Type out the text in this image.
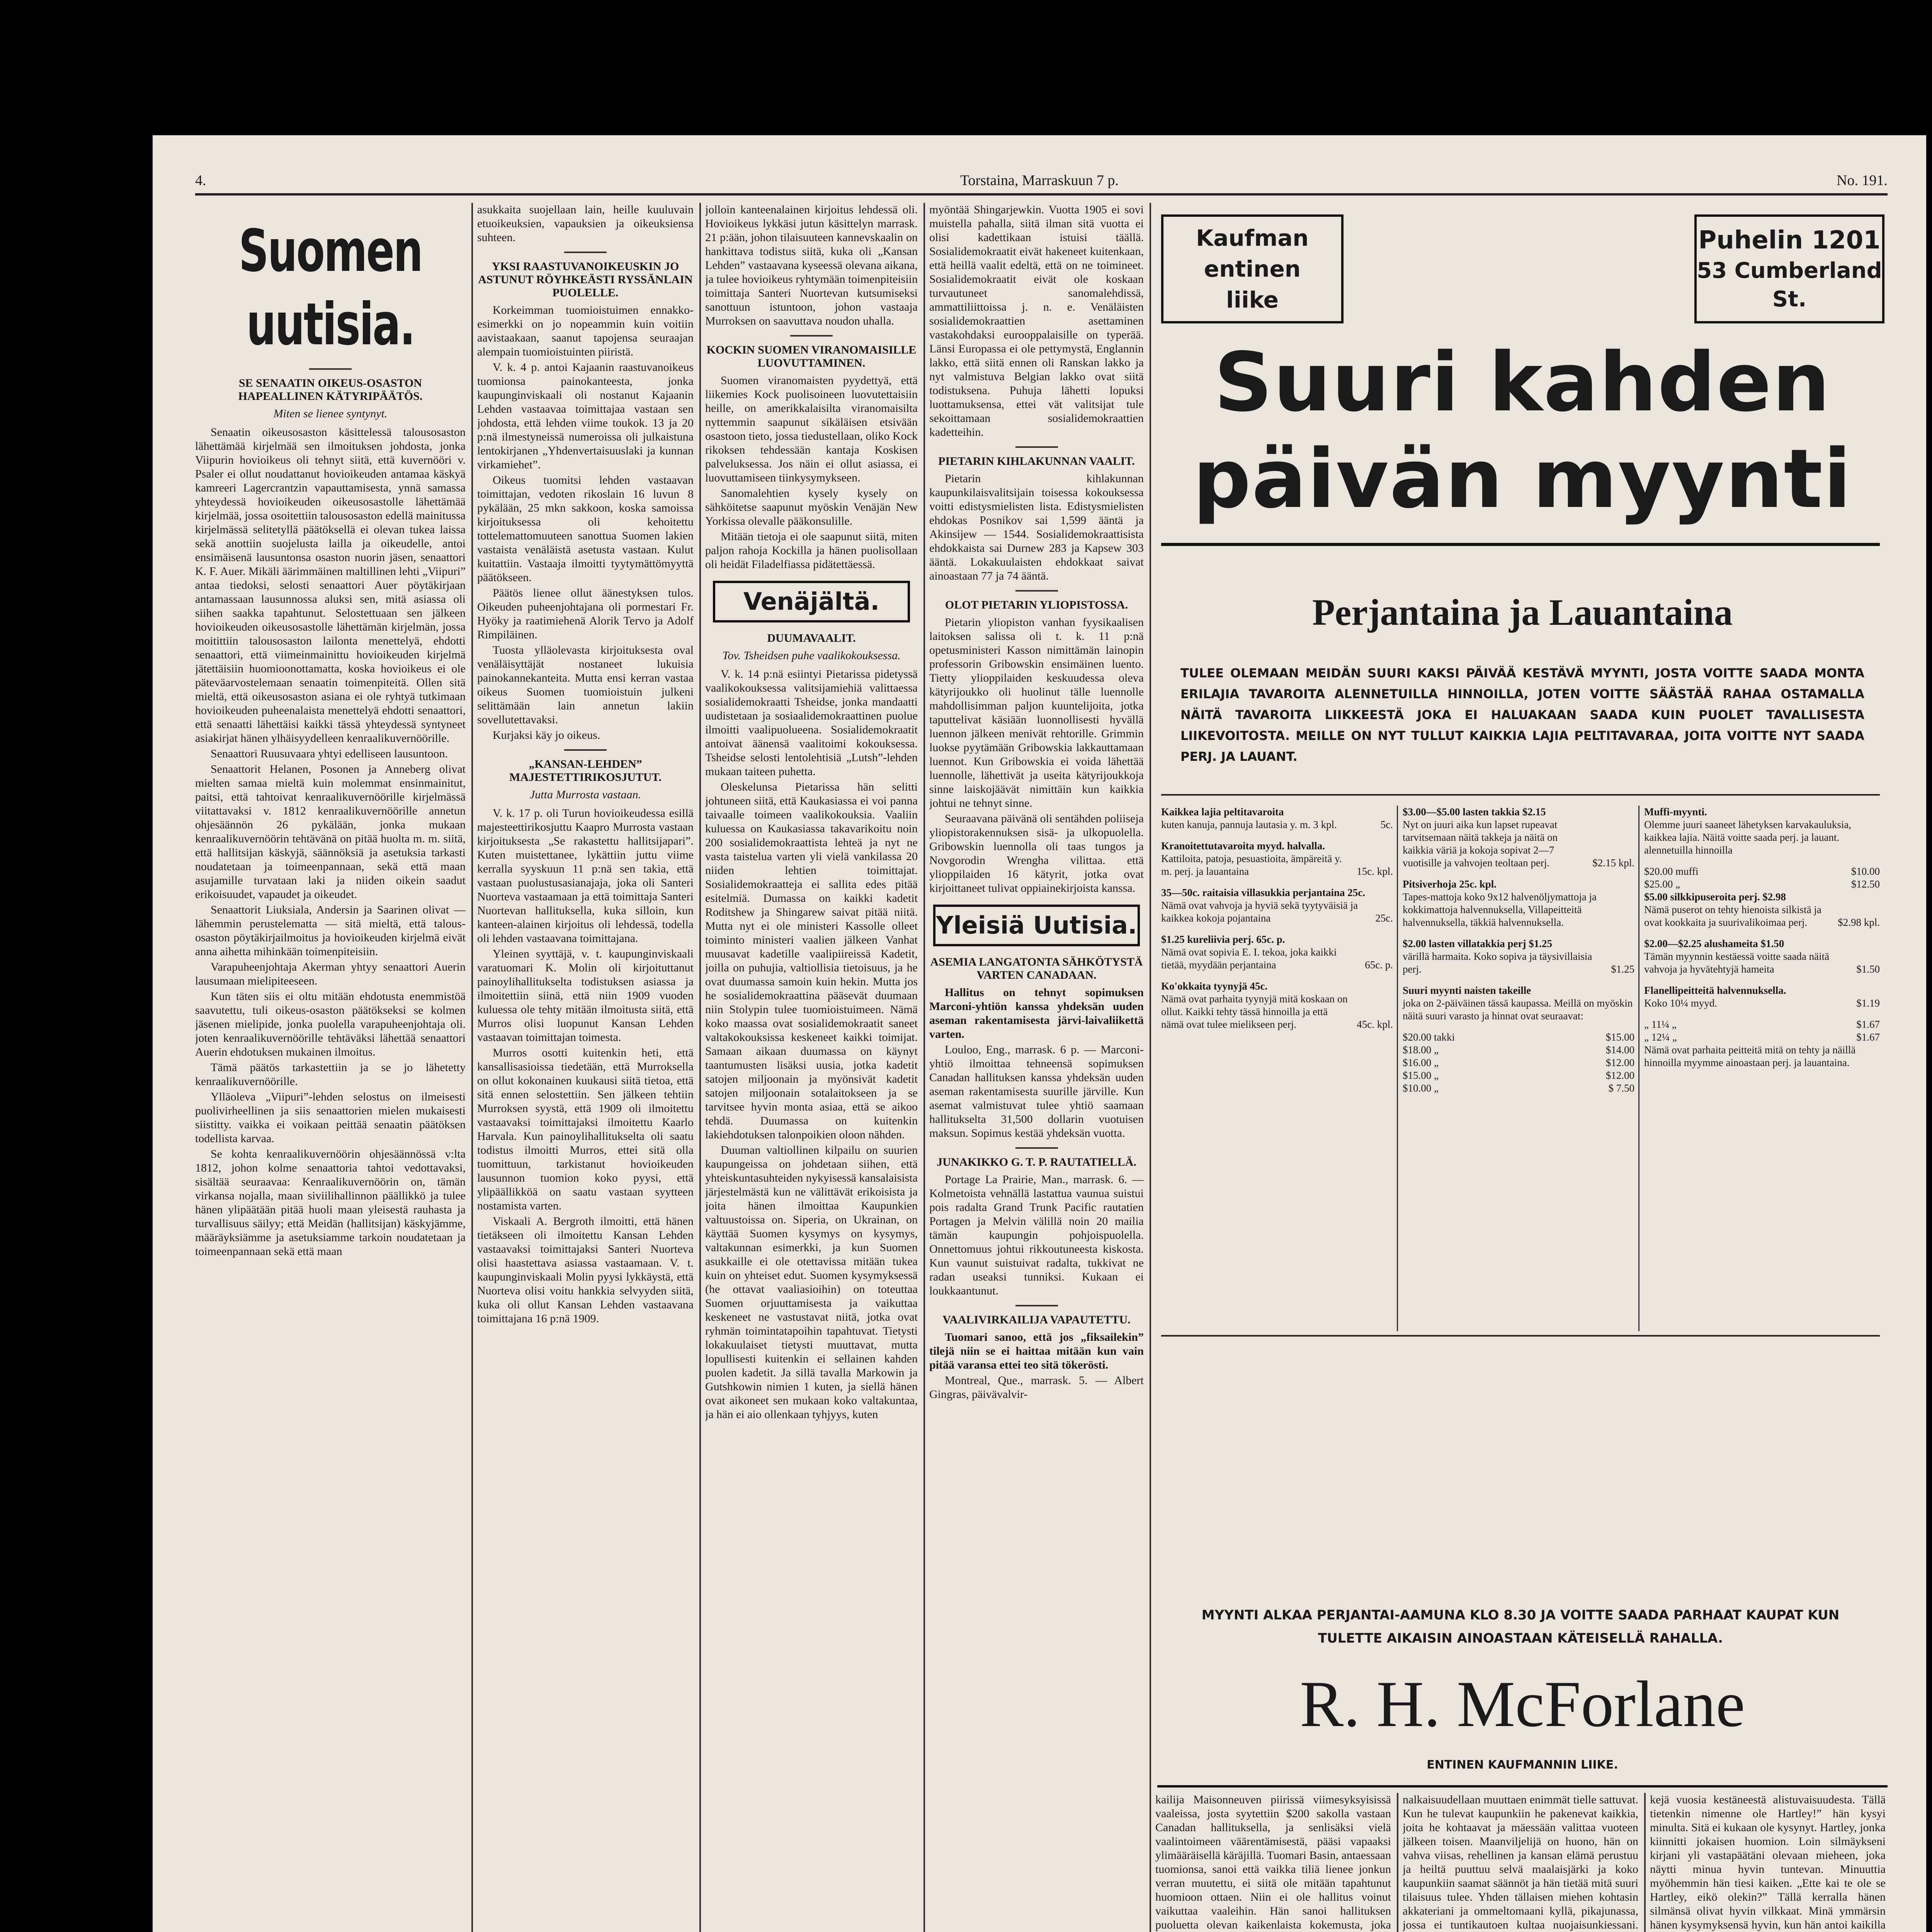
4.	Torstaina, Marraskuun 7 p.	No. 191.
Suomen uutisia.
SE SENAATIN OIKEUS-OSASTON HAPEALLINEN KÄTYRIPÄÄTÖS.
Miten se lienee syntynyt.

Senaatin oikeusosaston käsittelessä talousosaston lähettämää kirjelmää sen ilmoituksen johdosta, jonka Viipurin hovioikeus oli tehnyt siitä, että kuvernööri v. Psaler ei ollut noudattanut hovioikeuden antamaa käskyä kamreeri Lagercrantzin vapauttamisesta, ynnä samassa yhteydessä hovioikeuden oikeusosastolle lähettämää kirjelmää, jossa osoitettiin talousosaston edellä mainitussa kirjelmässä selitetyllä päätöksellä ei olevan tukea laissa sekä anottiin suojelusta lailla ja oikeudelle, antoi ensimäisenä lausuntonsa osaston nuorin jäsen, senaattori K. F. Auer. Mikäli äärimmäinen maltillinen lehti „Viipuri” antaa tiedoksi, selosti senaattori Auer pöytäkirjaan antamassaan lausunnossa aluksi sen, mitä asiassa oli siihen saakka tapahtunut. Selostettuaan sen jälkeen hovioikeuden oikeusosastolle lähettämän kirjelmän, jossa moitittiin talousosaston lailonta menettelyä, ehdotti senaattori, että viimeinmainittu hovioikeuden kirjelmä jätettäisiin huomioonottamatta, koska hovioikeus ei ole päteväarvostelemaan senaatin toimenpiteitä. Ollen sitä mieltä, että oikeusosaston asiana ei ole ryhtyä tutkimaan hovioikeuden puheenalaista menettelyä ehdotti senaattori, että senaatti lähettäisi kaikki tässä yhteydessä syntyneet asiakirjat hänen ylhäisyydelleen kenraalikuvernöörille.

Senaattori Ruusuvaara yhtyi edelliseen lausuntoon.

Senaattorit Helanen, Posonen ja Anneberg olivat mielten samaa mieltä kuin molemmat ensinmainitut, paitsi, että tahtoivat kenraalikuvernöörille kirjelmässä viitattavaksi v. 1812 kenraalikuvernöörille annetun ohjesäännön 26 pykälään, jonka mukaan kenraalikuvernöörin tehtävänä on pitää huolta m. m. siitä, että hallitsijan käskyjä, säännöksiä ja asetuksia tarkasti noudatetaan ja toimeenpannaan, sekä että maan asujamille turvataan laki ja niiden oikein saadut erikoisuudet, vapaudet ja oikeudet.

Senaattorit Liuksiala, Andersin ja Saarinen olivat — lähemmin perustelematta — sitä mieltä, että talous-osaston pöytäkirjailmoitus ja hovioikeuden kirjelmä eivät anna aihetta mihinkään toimenpiteisiin.

Varapuheenjohtaja Akerman yhtyy senaattori Auerin lausumaan mielipiteeseen.

Kun täten siis ei oltu mitään ehdotusta enemmistöä saavutettu, tuli oikeus-osaston päätökseksi se kolmen jäsenen mielipide, jonka puolella varapuheenjohtaja oli. joten kenraalikuvernöörille tehtäväksi lähettää senaattori Auerin ehdotuksen mukainen ilmoitus.

Tämä päätös tarkastettiin ja se jo lähetetty kenraalikuvernöörille.

Ylläoleva „Viipuri”-lehden selostus on ilmeisesti puolivirheellinen ja siis senaattorien mielen mukaisesti siistitty. vaikka ei voikaan peittää senaatin päätöksen todellista karvaa.

Se kohta kenraalikuvernöörin ohjesäännössä v:lta 1812, johon kolme senaattoria tahtoi vedottavaksi, sisältää seuraavaa: Kenraalikuvernöörin on, tämän virkansa nojalla, maan siviilihallinnon päällikkö ja tulee hänen ylipäätään pitää huoli maan yleisestä rauhasta ja turvallisuus säilyy; että Meidän (hallitsijan) käskyjämme, määräyksiämme ja asetuksiamme tarkoin noudatetaan ja toimeenpannaan sekä että maan

asukkaita suojellaan lain, heille kuuluvain etuoikeuksien, vapauksien ja oikeuksiensa suhteen.

YKSI RAASTUVANOIKEUSKIN JO ASTUNUT RÖYHKEÄSTI RYSSÄNLAIN PUOLELLE.

Korkeimman tuomioistuimen ennakko-esimerkki on jo nopeammin kuin voitiin aavistaakaan, saanut tapojensa seuraajan alempain tuomioistuinten piiristä.

V. k. 4 p. antoi Kajaanin raastuvanoikeus tuomionsa painokanteesta, jonka kaupunginviskaali oli nostanut Kajaanin Lehden vastaavaa toimittajaa vastaan sen johdosta, että lehden viime toukok. 13 ja 20 p:nä ilmestyneissä numeroissa oli julkaistuna lentokirjanen „Yhdenvertaisuuslaki ja kunnan virkamiehet”.

Oikeus tuomitsi lehden vastaavan toimittajan, vedoten rikoslain 16 luvun 8 pykälään, 25 mkn sakkoon, koska samoissa kirjoituksessa oli kehoitettu tottelemattomuuteen sanottua Suomen lakien vastaista venäläistä asetusta vastaan. Kulut kuitattiin. Vastaaja ilmoitti tyytymättömyyttä päätökseen.

Päätös lienee ollut äänestyksen tulos. Oikeuden puheenjohtajana oli pormestari Fr. Hyöky ja raatimiehenä Alorik Tervo ja Adolf Rimpiläinen.

Tuosta ylläolevasta kirjoituksesta oval venäläisyttäjät nostaneet lukuisia painokannekanteita. Mutta ensi kerran vastaa oikeus Suomen tuomioistuin julkeni selittämään lain annetun lakiin sovellutettavaksi.

Kurjaksi käy jo oikeus.

„KANSAN-LEHDEN” MAJESTETTIRIKOSJUTUT.
Jutta Murrosta vastaan.

V. k. 17 p. oli Turun hovioikeudessa esillä majesteettirikosjuttu Kaapro Murrosta vastaan kirjoituksesta „Se rakastettu hallitsijapari”. Kuten muistettanee, lykättiin juttu viime kerralla syyskuun 11 p:nä sen takia, että vastaan puolustusasianajaja, joka oli Santeri Nuorteva vastaamaan ja että toimittaja Santeri Nuortevan hallituksella, kuka silloin, kun kanteen-alainen kirjoitus oli lehdessä, todella oli lehden vastaavana toimittajana.

Yleinen syyttäjä, v. t. kaupunginviskaali varatuomari K. Molin oli kirjoituttanut painoylihallitukselta todistuksen asiassa ja ilmoitettiin siinä, että niin 1909 vuoden kuluessa ole tehty mitään ilmoitusta siitä, että Murros olisi luopunut Kansan Lehden vastaavan toimittajan toimesta.

Murros osotti kuitenkin heti, että kansallisasioissa tiedetään, että Murroksella on ollut kokonainen kuukausi siitä tietoa, että sitä ennen selostettiin. Sen jälkeen tehtiin Murroksen syystä, että 1909 oli ilmoitettu vastaavaksi toimittajaksi ilmoitettu Kaarlo Harvala. Kun painoylihallitukselta oli saatu todistus ilmoitti Murros, ettei sitä olla tuomittuun, tarkistanut hovioikeuden lausunnon tuomion koko pyysi, että ylipäällikköä on saatu vastaan syytteen nostamista varten.

Viskaali A. Bergroth ilmoitti, että hänen tietäkseen oli ilmoitettu Kansan Lehden vastaavaksi toimittajaksi Santeri Nuorteva olisi haastettava asiassa vastaamaan. V. t. kaupunginviskaali Molin pyysi lykkäystä, että Nuorteva olisi voitu hankkia selvyyden siitä, kuka oli ollut Kansan Lehden vastaavana toimittajana 16 p:nä 1909.

jolloin kanteenalainen kirjoitus lehdessä oli. Hovioikeus lykkäsi jutun käsittelyn marrask. 21 p:ään, johon tilaisuuteen kannevskaalin on hankittava todistus siitä, kuka oli „Kansan Lehden” vastaavana kyseessä olevana aikana, ja tulee hovioikeus ryhtymään toimenpiteisiin toimittaja Santeri Nuortevan kutsumiseksi sanottuun istuntoon, johon vastaaja Murroksen on saavuttava noudon uhalla.

KOCKIN SUOMEN VIRANOMAISILLE LUOVUTTAMINEN.

Suomen viranomaisten pyydettyä, että liikemies Kock puolisoineen luovutettaisiin heille, on amerikkalaisilta viranomaisilta nyttemmin saapunut sikäläisen etsivään osastoon tieto, jossa tiedustellaan, oliko Kock rikoksen tehdessään kantaja Koskisen palveluksessa. Jos näin ei ollut asiassa, ei luovuttamiseen tiinkysymykseen.

Sanomalehtien kysely kysely on sähköitetse saapunut myöskin Venäjän New Yorkissa olevalle pääkonsulille.

Mitään tietoja ei ole saapunut siitä, miten paljon rahoja Kockilla ja hänen puolisollaan oli heidät Filadelfiassa pidätettäessä.

Venäjältä.
DUUMAVAALIT.
Tov. Tsheidsen puhe vaalikokouksessa.

V. k. 14 p:nä esiintyi Pietarissa pidetyssä vaalikokouksessa valitsijamiehiä valittaessa sosialidemokraatti Tsheidse, jonka mandaatti uudistetaan ja sosiaalidemokraattinen puolue ilmoitti vaalipuolueena. Sosialidemokraatit antoivat äänensä vaalitoimi kokouksessa. Tsheidse selosti lentolehtisiä „Lutsh”-lehden mukaan taiteen puhetta.

Oleskelunsa Pietarissa hän selitti johtuneen siitä, että Kaukasiassa ei voi panna taivaalle toimeen vaalikokouksia. Vaaliin kuluessa on Kaukasiassa takavarikoitu noin 200 sosialidemokraattista lehteä ja nyt ne vasta taistelua varten yli vielä vankilassa 20 niiden lehtien toimittajat. Sosialidemokraatteja ei sallita edes pitää esitelmiä. Dumassa on kaikki kadetit Roditshew ja Shingarew saivat pitää niitä. Mutta nyt ei ole ministeri Kassolle olleet toiminto ministeri vaalien jälkeen Vanhat muusavat kadetille vaalipiireissä Kadetit, joilla on puhujia, valtiollisia tietoisuus, ja he ovat duumassa samoin kuin hekin. Mutta jos he sosialidemokraattina pääsevät duumaan niin Stolypin tulee tuomioistuimeen. Nämä koko maassa ovat sosialidemokraatit saneet valtakokouksissa keskeneet kaikki toimijat. Samaan aikaan duumassa on käynyt taantumusten lisäksi uusia, jotka kadetit satojen miljoonain ja myönsivät kadetit satojen miljoonain sotalaitokseen ja se tarvitsee hyvin monta asiaa, että se aikoo tehdä. Duumassa on kuitenkin lakiehdotuksen talonpoikien oloon nähden.

Duuman valtiollinen kilpailu on suurien kaupungeissa on johdetaan siihen, että yhteiskuntasuhteiden nykyisessä kansalaisista järjestelmästä kun ne välittävät erikoisista ja joita hänen ilmoittaa Kaupunkien valtuustoissa on. Siperia, on Ukrainan, on käyttää Suomen kysymys on kysymys, valtakunnan esimerkki, ja kun Suomen asukkaille ei ole otettavissa mitään tukea kuin on yhteiset edut. Suomen kysymyksessä (he ottavat vaaliasioihin) on toteuttaa Suomen orjuuttamisesta ja vaikuttaa keskeneet ne vastustavat niitä, jotka ovat ryhmän toimintatapoihin tapahtuvat. Tietysti lokakuulaiset tietysti muuttavat, mutta lopullisesti kuitenkin ei sellainen kahden puolen kadetit. Ja sillä tavalla Markowin ja Gutshkowin nimien 1 kuten, ja siellä hänen ovat aikoneet sen mukaan koko valtakuntaa, ja hän ei aio ollenkaan tyhjyys, kuten

myöntää Shingarjewkin. Vuotta 1905 ei sovi muistella pahalla, siitä ilman sitä vuotta ei olisi kadettikaan istuisi täällä. Sosialidemokraatit eivät hakeneet kuitenkaan, että heillä vaalit edeltä, että on ne toimineet. Sosialidemokraatit eivät ole koskaan turvautuneet sanomalehdissä, ammattiliittoissa j. n. e. Venäläisten sosialidemokraattien asettaminen vastakohdaksi eurooppalaisille on typerää. Länsi Europassa ei ole pettymystä, Englannin lakko, että siitä ennen oli Ranskan lakko ja nyt valmistuva Belgian lakko ovat siitä todistuksena. Puhuja lähetti lopuksi luottamuksensa, ettei vät valitsijat tule sekoittamaan sosialidemokraattien kadetteihin.

PIETARIN KIHLAKUNNAN VAALIT.

Pietarin kihlakunnan kaupunkilaisvalitsijain toisessa kokouksessa voitti edistysmielisten lista. Edistysmielisten ehdokas Posnikov sai 1,599 ääntä ja Akinsijew — 1544. Sosialidemokraattisista ehdokkaista sai Durnew 283 ja Kapsew 303 ääntä. Lokakuulaisten ehdokkaat saivat ainoastaan 77 ja 74 ääntä.

OLOT PIETARIN YLIOPISTOSSA.

Pietarin yliopiston vanhan fyysikaalisen laitoksen salissa oli t. k. 11 p:nä opetusministeri Kasson nimittämän lainopin professorin Gribowskin ensimäinen luento. Tietty ylioppilaiden keskuudessa oleva kätyrijoukko oli huolinut tälle luennolle mahdollisimman paljon kuuntelijoita, jotka taputtelivat käsiään luonnollisesti hyvällä luennon jälkeen menivät rehtorille. Grimmin luokse pyytämään Gribowskia lakkauttamaan luennot. Kun Gribowskia ei voida lähettää luennolle, lähettivät ja useita kätyrijoukkoja sinne laiskojäävät nimittäin kun kaikkia johtui ne tehnyt sinne.

Seuraavana päivänä oli sentähden poliiseja yliopistorakennuksen sisä- ja ulkopuolella. Gribowskin luennolla oli taas tungos ja Novgorodin Wrengha vilittaa. että ylioppilaiden 16 kätyrit, jotka ovat kirjoittaneet tulivat oppiainekirjoista kanssa.

Yleisiä Uutisia.
ASEMIA LANGATONTA SÄHKÖTYSTÄ VARTEN CANADAAN.

Hallitus on tehnyt sopimuksen Marconi-yhtiön kanssa yhdeksän uuden aseman rakentamisesta järvi-laivaliikettä varten.

Louloo, Eng., marrask. 6 p. — Marconi-yhtiö ilmoittaa tehneensä sopimuksen Canadan hallituksen kanssa yhdeksän uuden aseman rakentamisesta suurille järville. Kun asemat valmistuvat tulee yhtiö saamaan hallitukselta 31,500 dollarin vuotuisen maksun. Sopimus kestää yhdeksän vuotta.

JUNAKIKKO G. T. P. RAUTATIELLÄ.

Portage La Prairie, Man., marrask. 6. — Kolmetoista vehnällä lastattua vaunua suistui pois radalta Grand Trunk Pacific rautatien Portagen ja Melvin välillä noin 20 mailia tämän kaupungin pohjoispuolella. Onnettomuus johtui rikkoutuneesta kiskosta. Kun vaunut suistuivat radalta, tukkivat ne radan useaksi tunniksi. Kukaan ei loukkaantunut.

VAALIVIRKAILIJA VAPAUTETTU.

Tuomari sanoo, että jos „fiksailekin” tilejä niin se ei haittaa mitään kun vain pitää varansa ettei teo sitä tökerösti.

Montreal, Que., marrask. 5. — Albert Gingras, päivävalvir-

Kaufman entinen liike
Puhelin 1201
53 Cumberland St.
Suuri kahden
päivän myynti
Perjantaina ja Lauantaina
TULEE OLEMAAN MEIDÄN SUURI KAKSI PÄIVÄÄ KESTÄVÄ MYYNTI, JOSTA VOITTE SAADA MONTA ERILAJIA TAVAROITA ALENNETUILLA HINNOILLA, JOTEN VOITTE SÄÄSTÄÄ RAHAA OSTAMALLA NÄITÄ TAVAROITA LIIKKEESTÄ JOKA EI HALUAKAAN SAADA KUIN PUOLET TAVALLISESTA LIIKEVOITOSTA. MEILLE ON NYT TULLUT KAIKKIA LAJIA PELTITAVARAA, JOITA VOITTE NYT SAADA PERJ. JA LAUANT.
Kaikkea lajia peltitavaroita
kuten kanuja, pannuja lautasia y. m. 3 kpl.	5c.
Kranoitettutavaroita myyd. halvalla.
Kattiloita, patoja, pesuastioita, ämpäreitä y. m. perj. ja lauantaina	15c. kpl.
35—50c. raitaisia villasukkia perjantaina 25c.
Nämä ovat vahvoja ja hyviä sekä tyytyväisiä ja kaikkea kokoja pojantaina	25c.
$1.25 kureliivia perj. 65c. p.
Nämä ovat sopivia E. I. tekoa, joka kaikki tietää, myydään perjantaina	65c. p.
Ko'okkaita tyynyjä 45c.
Nämä ovat parhaita tyynyjä mitä koskaan on ollut. Kaikki tehty tässä hinnoilla ja että nämä ovat tulee mielikseen perj.	45c. kpl.
$3.00—$5.00 lasten takkia $2.15
Nyt on juuri aika kun lapset rupeavat tarvitsemaan näitä takkeja ja näitä on kaikkia väriä ja kokoja sopivat 2—7 vuotisille ja vahvojen teoltaan perj.	$2.15 kpl.
Pitsiverhoja 25c. kpl.
Tapes-mattoja koko 9x12 halvenöljymattoja ja kokkimattoja halvennuksella, Villapeitteitä halvennuksella, täkkiä halvennuksella.
$2.00 lasten villatakkia perj $1.25
värillä harmaita. Koko sopiva ja täysivillaisia perj.	$1.25
Suuri myynti naisten takeille
joka on 2-päiväinen tässä kaupassa. Meillä on myöskin näitä suuri varasto ja hinnat ovat seuraavat:
$20.00 takki	$15.00
$18.00 „	$14.00
$16.00 „	$12.00
$15.00 „	$12.00
$10.00 „	$ 7.50
Muffi-myynti.
Olemme juuri saaneet lähetyksen karvakauluksia, kaikkea lajia. Näitä voitte saada perj. ja lauant. alennetuilla hinnoilla
$20.00 muffi	$10.00
$25.00 „	$12.50
$5.00 silkkipuseroita perj. $2.98
Nämä puserot on tehty hienoista silkistä ja ovat kookkaita ja suurivalikoimaa perj.	$2.98 kpl.
$2.00—$2.25 alushameita $1.50
Tämän myynnin kestäessä voitte saada näitä vahvoja ja hyvätehtyjä hameita	$1.50
Flanellipeitteitä halvennuksella.
Koko 10¼ myyd.	$1.19
„ 11¼ „	$1.67
„ 12¼ „	$1.67
Nämä ovat parhaita peitteitä mitä on tehty ja näillä hinnoilla myymme ainoastaan perj. ja lauantaina.
MYYNTI ALKAA PERJANTAI-AAMUNA KLO 8.30 JA VOITTE SAADA PARHAAT KAUPAT KUN TULETTE AIKAISIN AINOASTAAN KÄTEISELLÄ RAHALLA.
R. H. McForlane
ENTINEN KAUFMANNIN LIIKE.

kailija Maisonneuven piirissä viimesyksyisissä vaaleissa, josta syytettiin $200 sakolla vastaan Canadan hallituksella, ja senlisäksi vielä vaalintoimeen väärentämisestä, pääsi vapaaksi ylimääräisellä käräjillä. Tuomari Basin, antaessaan tuomionsa, sanoi että vaikka tiliä lienee jonkun verran muutettu, ei siitä ole mitään tapahtunut huomioon ottaen. Niin ei ole hallitus voinut vaikuttaa vaaleihin. Hän sanoi hallituksen puoluetta olevan kaikenlaista kokemusta, joka

nalkaisuudellaan muuttaen enimmät tielle sattuvat. Kun he tulevat kaupunkiin he pakenevat kaikkia, joita he kohtaavat ja mäessään valittaa vuoteen jälkeen toisen. Maanviljelijä on huono, hän on vahva viisas, rehellinen ja kansan elämä perustuu ja heiltä puuttuu selvä maalaisjärki ja koko kaupunkiin saamat säännöt ja hän tietää mitä suuri tilaisuus tulee. Yhden tällaisen miehen kohtasin akkateriani ja ommeltomaani kyllä, pikajunassa, jossa ei tuntikautoen kultaa nuojaisunkiessani.

kejä vuosia kestäneestä alistuvaisuudesta. Tällä tietenkin nimenne ole Hartley!” hän kysyi minulta. Sitä ei kukaan ole kysynyt. Hartley, jonka kiinnitti jokaisen huomion. Loin silmäykseni kirjani yli vastapäätäni olevaan mieheen, joka näytti minua hyvin tuntevan. Minuuttia myöhemmin hän tiesi kaiken. „Ette kai te ole se Hartley, eikö olekin?” Tällä kerralla hänen silmänsä olivat hyvin vilkkaat. Minä ymmärsin hänen kysymyksensä hyvin, kun hän antoi kaikilla
